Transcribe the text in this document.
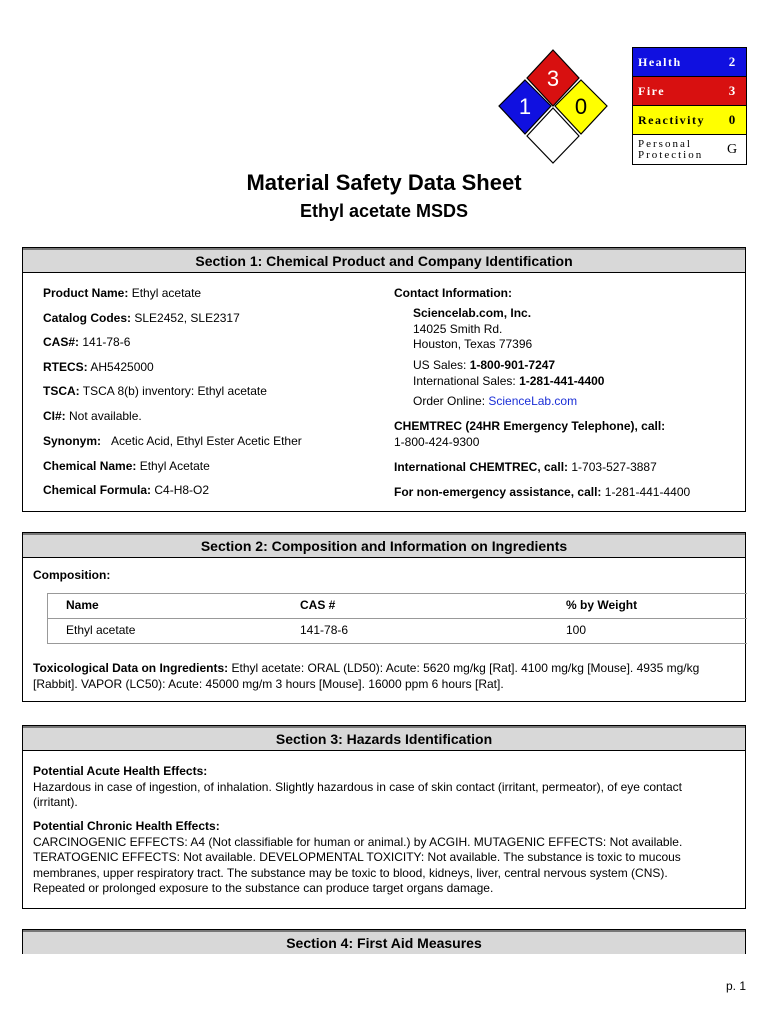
3
1 0
Health	2
Fire	3
Reactivity	0
Personal
Protection	G
Material Safety Data Sheet
Ethyl acetate MSDS
Section 1: Chemical Product and Company Identification
Product Name: Ethyl acetate
Catalog Codes: SLE2452, SLE2317
CAS#: 141-78-6
RTECS: AH5425000
TSCA: TSCA 8(b) inventory: Ethyl acetate
CI#: Not available.
Synonym: Acetic Acid, Ethyl Ester Acetic Ether
Chemical Name: Ethyl Acetate
Chemical Formula: C4-H8-O2
Contact Information:
Sciencelab.com, Inc.
14025 Smith Rd.
Houston, Texas 77396
US Sales: 1-800-901-7247
International Sales: 1-281-441-4400
Order Online: ScienceLab.com
CHEMTREC (24HR Emergency Telephone), call:
1-800-424-9300
International CHEMTREC, call: 1-703-527-3887
For non-emergency assistance, call: 1-281-441-4400
Section 2: Composition and Information on Ingredients
Composition:
Name	CAS #	% by Weight
Ethyl acetate	141-78-6	100
Toxicological Data on Ingredients: Ethyl acetate: ORAL (LD50): Acute: 5620 mg/kg [Rat]. 4100 mg/kg [Mouse]. 4935 mg/kg
[Rabbit]. VAPOR (LC50): Acute: 45000 mg/m 3 hours [Mouse]. 16000 ppm 6 hours [Rat].
Section 3: Hazards Identification
Potential Acute Health Effects:
Hazardous in case of ingestion, of inhalation. Slightly hazardous in case of skin contact (irritant, permeator), of eye contact
(irritant).
Potential Chronic Health Effects:
CARCINOGENIC EFFECTS: A4 (Not classifiable for human or animal.) by ACGIH. MUTAGENIC EFFECTS: Not available.
TERATOGENIC EFFECTS: Not available. DEVELOPMENTAL TOXICITY: Not available. The substance is toxic to mucous
membranes, upper respiratory tract. The substance may be toxic to blood, kidneys, liver, central nervous system (CNS).
Repeated or prolonged exposure to the substance can produce target organs damage.
Section 4: First Aid Measures
p. 1
